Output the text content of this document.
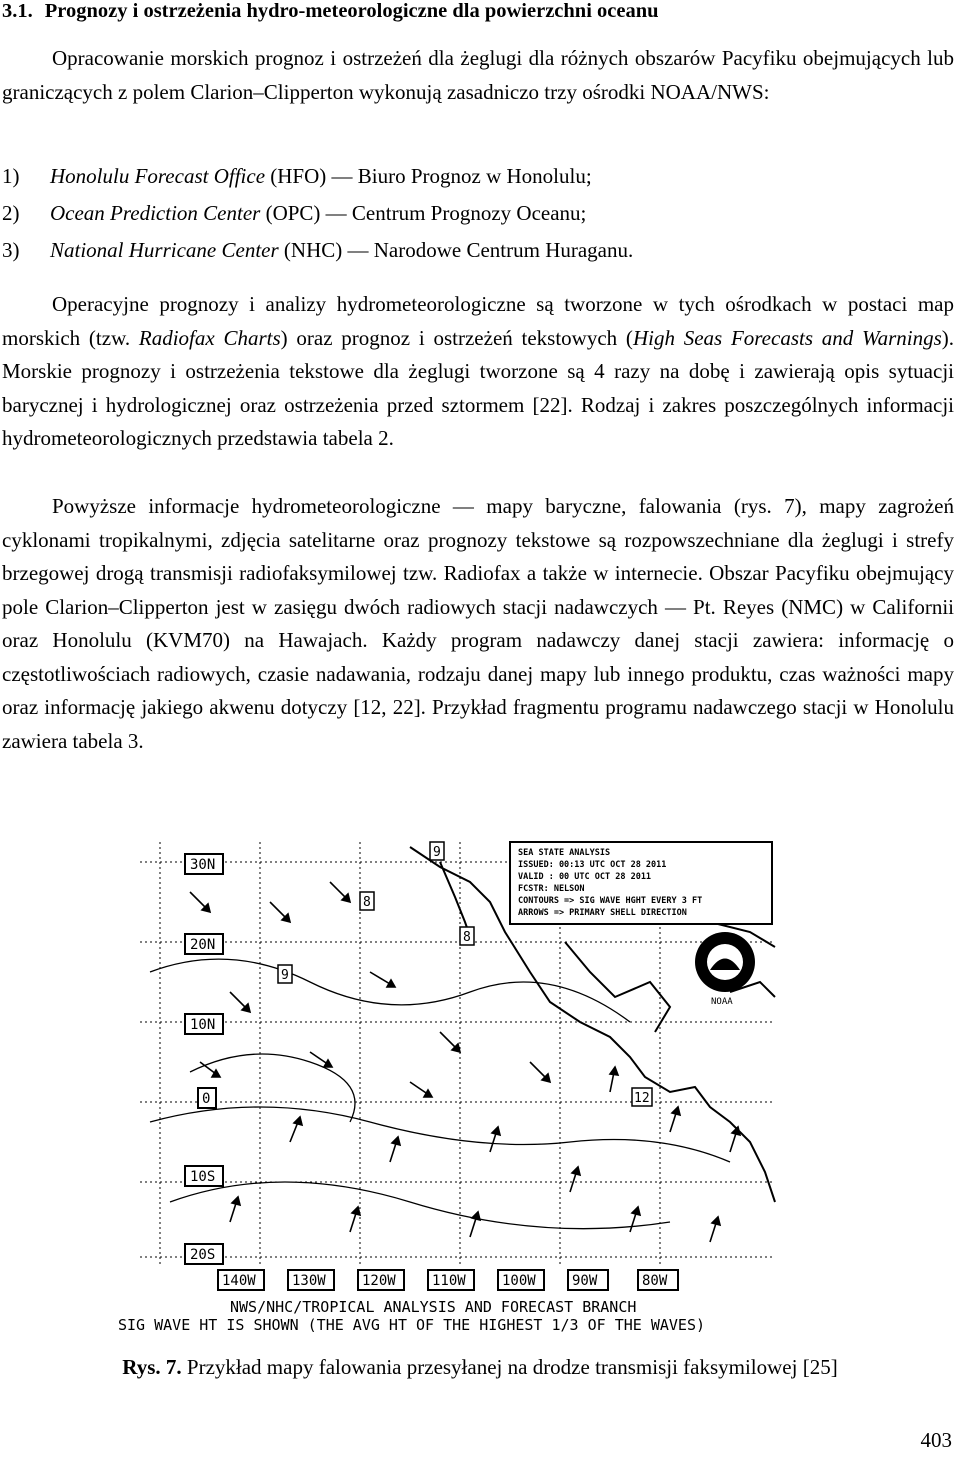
3.1. Prognozy i ostrzeżenia hydro-meteorologiczne dla powierzchni oceanu

Opracowanie morskich prognoz i ostrzeżeń dla żeglugi dla różnych obszarów Pacyfiku obejmujących lub graniczących z polem Clarion–Clipperton wykonują zasadniczo trzy ośrodki NOAA/NWS:

1) Honolulu Forecast Office (HFO) — Biuro Prognoz w Honolulu;
2) Ocean Prediction Center (OPC) — Centrum Prognozy Oceanu;
3) National Hurricane Center (NHC) — Narodowe Centrum Huraganu.

Operacyjne prognozy i analizy hydrometeorologiczne są tworzone w tych ośrodkach w postaci map morskich (tzw. Radiofax Charts) oraz prognoz i ostrzeżeń tekstowych (High Seas Forecasts and Warnings). Morskie prognozy i ostrzeżenia tekstowe dla żeglugi tworzone są 4 razy na dobę i zawierają opis sytuacji barycznej i hydrologicznej oraz ostrzeżenia przed sztormem [22]. Rodzaj i zakres poszczególnych informacji hydrometeorologicznych przedstawia tabela 2.

Powyższe informacje hydrometeorologiczne — mapy baryczne, falowania (rys. 7), mapy zagrożeń cyklonami tropikalnymi, zdjęcia satelitarne oraz prognozy tekstowe są rozpowszechniane dla żeglugi i strefy brzegowej drogą transmisji radiofaksymilowej tzw. Radiofax a także w internecie. Obszar Pacyfiku obejmujący pole Clarion–Clipperton jest w zasięgu dwóch radiowych stacji nadawczych — Pt. Reyes (NMC) w Californii oraz Honolulu (KVM70) na Hawajach. Każdy program nadawczy danej stacji zawiera: informację o częstotliwościach radiowych, czasie nadawania, rodzaju danej mapy lub innego produktu, czas ważności mapy oraz informację jakiego akwenu dotyczy [12, 22]. Przykład fragmentu programu nadawczego stacji w Honolulu zawiera tabela 3.

30N
20N
10N
0
10S
20S
140W	130W	120W	110W	100W	90W	80W
9
9
8
8
12
SEA STATE ANALYSIS
ISSUED: 00:13 UTC OCT 28 2011
VALID : 00 UTC OCT 28 2011
FCSTR: NELSON
CONTOURS => SIG WAVE HGHT EVERY 3 FT
ARROWS => PRIMARY SHELL DIRECTION
NOAA
NWS/NHC/TROPICAL ANALYSIS AND FORECAST BRANCH
SIG WAVE HT IS SHOWN (THE AVG HT OF THE HIGHEST 1/3 OF THE WAVES)
Rys. 7. Przykład mapy falowania przesyłanej na drodze transmisji faksymilowej [25]
403
